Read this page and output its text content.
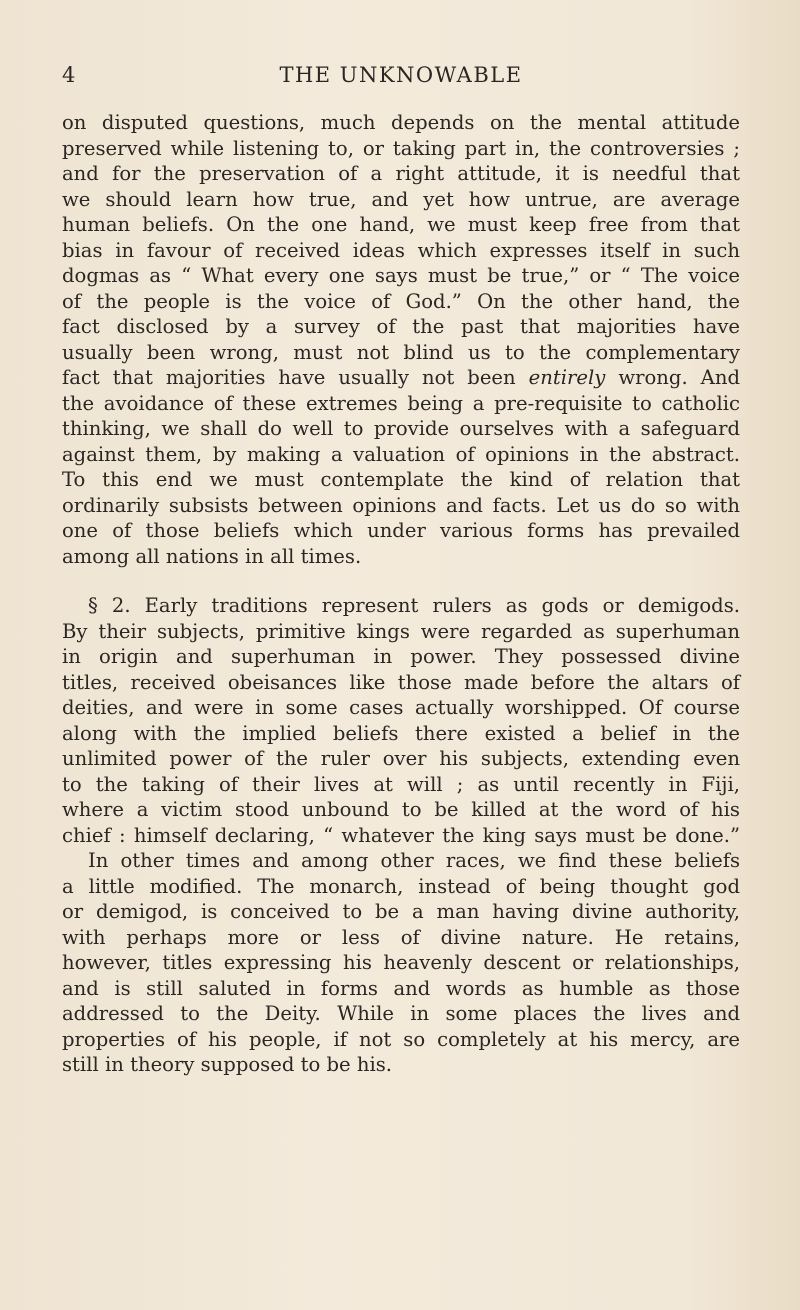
4	THE UNKNOWABLE

on disputed questions, much depends on the mental attitude
preserved while listening to, or taking part in, the controversies ;
and for the preservation of a right attitude, it is needful that
we should learn how true, and yet how untrue, are average
human beliefs. On the one hand, we must keep free from that
bias in favour of received ideas which expresses itself in such
dogmas as “ What every one says must be true,” or “ The voice
of the people is the voice of God.” On the other hand, the
fact disclosed by a survey of the past that majorities have
usually been wrong, must not blind us to the complementary
fact that majorities have usually not been entirely wrong. And
the avoidance of these extremes being a pre-requisite to catholic
thinking, we shall do well to provide ourselves with a safeguard
against them, by making a valuation of opinions in the abstract.
To this end we must contemplate the kind of relation that
ordinarily subsists between opinions and facts. Let us do so with
one of those beliefs which under various forms has prevailed
among all nations in all times.

§ 2. Early traditions represent rulers as gods or demigods.
By their subjects, primitive kings were regarded as superhuman
in origin and superhuman in power. They possessed divine
titles, received obeisances like those made before the altars of
deities, and were in some cases actually worshipped. Of course
along with the implied beliefs there existed a belief in the
unlimited power of the ruler over his subjects, extending even
to the taking of their lives at will ; as until recently in Fiji,
where a victim stood unbound to be killed at the word of his
chief : himself declaring, “ whatever the king says must be done.”
In other times and among other races, we find these beliefs
a little modified. The monarch, instead of being thought god
or demigod, is conceived to be a man having divine authority,
with perhaps more or less of divine nature. He retains,
however, titles expressing his heavenly descent or relationships,
and is still saluted in forms and words as humble as those
addressed to the Deity. While in some places the lives and
properties of his people, if not so completely at his mercy, are
still in theory supposed to be his.
